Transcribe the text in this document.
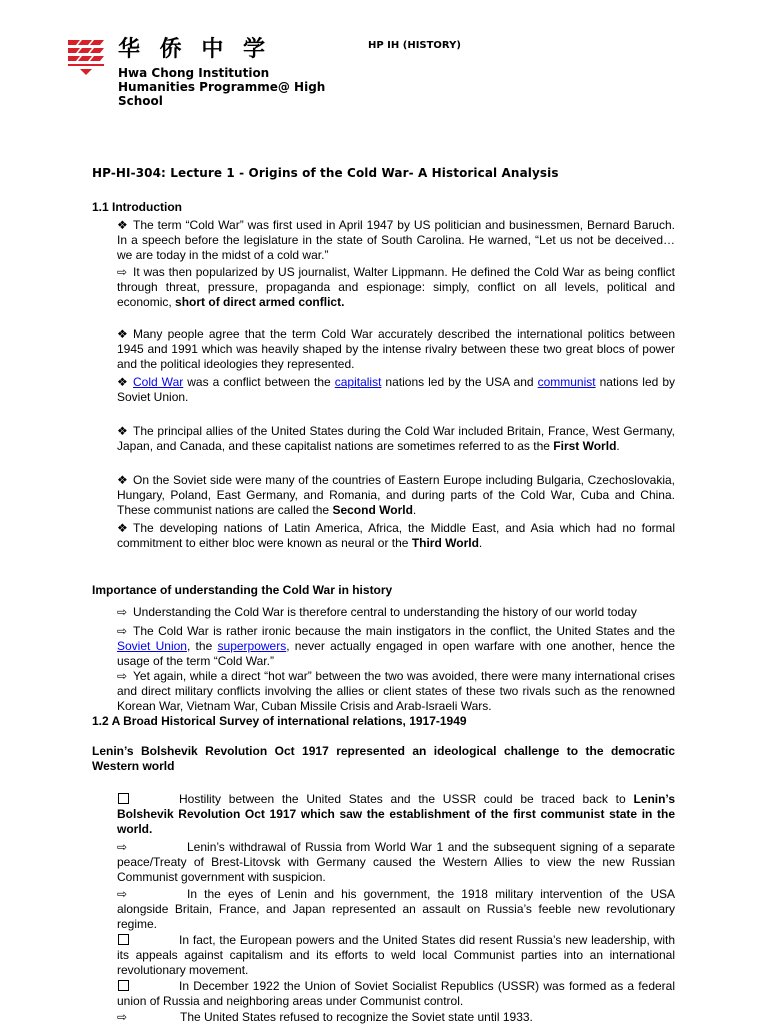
华 侨 中 学
Hwa Chong Institution
Humanities Programme@ High School
HP IH (HISTORY)
HP-HI-304: Lecture 1 - Origins of the Cold War- A Historical Analysis
1.1 Introduction
❖ The term “Cold War” was first used in April 1947 by US politician and businessmen, Bernard Baruch. In a speech before the legislature in the state of South Carolina. He warned, “Let us not be deceived… we are today in the midst of a cold war.”
⇨ It was then popularized by US journalist, Walter Lippmann. He defined the Cold War as being conflict through threat, pressure, propaganda and espionage: simply, conflict on all levels, political and economic, short of direct armed conflict.
❖ Many people agree that the term Cold War accurately described the international politics between 1945 and 1991 which was heavily shaped by the intense rivalry between these two great blocs of power and the political ideologies they represented.
❖ Cold War was a conflict between the capitalist nations led by the USA and communist nations led by Soviet Union.
❖ The principal allies of the United States during the Cold War included Britain, France, West Germany, Japan, and Canada, and these capitalist nations are sometimes referred to as the First World.
❖ On the Soviet side were many of the countries of Eastern Europe including Bulgaria, Czechoslovakia, Hungary, Poland, East Germany, and Romania, and during parts of the Cold War, Cuba and China. These communist nations are called the Second World.
❖ The developing nations of Latin America, Africa, the Middle East, and Asia which had no formal commitment to either bloc were known as neural or the Third World.
Importance of understanding the Cold War in history
⇨ Understanding the Cold War is therefore central to understanding the history of our world today
⇨ The Cold War is rather ironic because the main instigators in the conflict, the United States and the Soviet Union, the superpowers, never actually engaged in open warfare with one another, hence the usage of the term “Cold War.”
⇨ Yet again, while a direct “hot war” between the two was avoided, there were many international crises and direct military conflicts involving the allies or client states of these two rivals such as the renowned Korean War, Vietnam War, Cuban Missile Crisis and Arab-Israeli Wars.
1.2 A Broad Historical Survey of international relations, 1917-1949
Lenin’s Bolshevik Revolution Oct 1917 represented an ideological challenge to the democratic Western world
Hostility between the United States and the USSR could be traced back to Lenin’s Bolshevik Revolution Oct 1917 which saw the establishment of the first communist state in the world.
⇨	Lenin’s withdrawal of Russia from World War 1 and the subsequent signing of a separate peace/Treaty of Brest-Litovsk with Germany caused the Western Allies to view the new Russian Communist government with suspicion.
⇨	In the eyes of Lenin and his government, the 1918 military intervention of the USA alongside Britain, France, and Japan represented an assault on Russia’s feeble new revolutionary regime.
In fact, the European powers and the United States did resent Russia’s new leadership, with its appeals against capitalism and its efforts to weld local Communist parties into an international revolutionary movement.
In December 1922 the Union of Soviet Socialist Republics (USSR) was formed as a federal union of Russia and neighboring areas under Communist control.
⇨	The United States refused to recognize the Soviet state until 1933.
